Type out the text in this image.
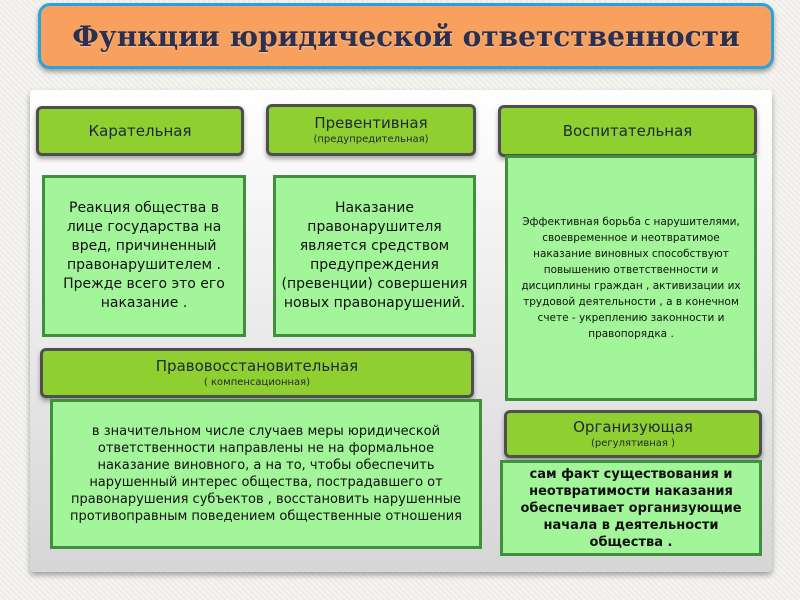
Функции юридической ответственности
Карательная
Реакция общества в лице государства на вред, причиненный правонарушителем . Прежде всего это его наказание .
Превентивная
(предупредительная)
Наказание правонарушителя является средством предупреждения (превенции) совершения новых правонарушений.
Воспитательная
Эффективная борьба с нарушителями, своевременное и неотвратимое наказание виновных способствуют повышению ответственности и дисциплины граждан , активизации их трудовой деятельности , а в конечном счете - укреплению законности и правопорядка .
Правовосстановительная
( компенсационная)
в значительном числе случаев меры юридической ответственности направлены не на формальное наказание виновного, а на то, чтобы обеспечить нарушенный интерес общества, пострадавшего от правонарушения субъектов , восстановить нарушенные противоправным поведением общественные отношения
Организующая
(регулятивная )
сам факт существования и неотвратимости наказания обеспечивает организующие начала в деятельности общества .
